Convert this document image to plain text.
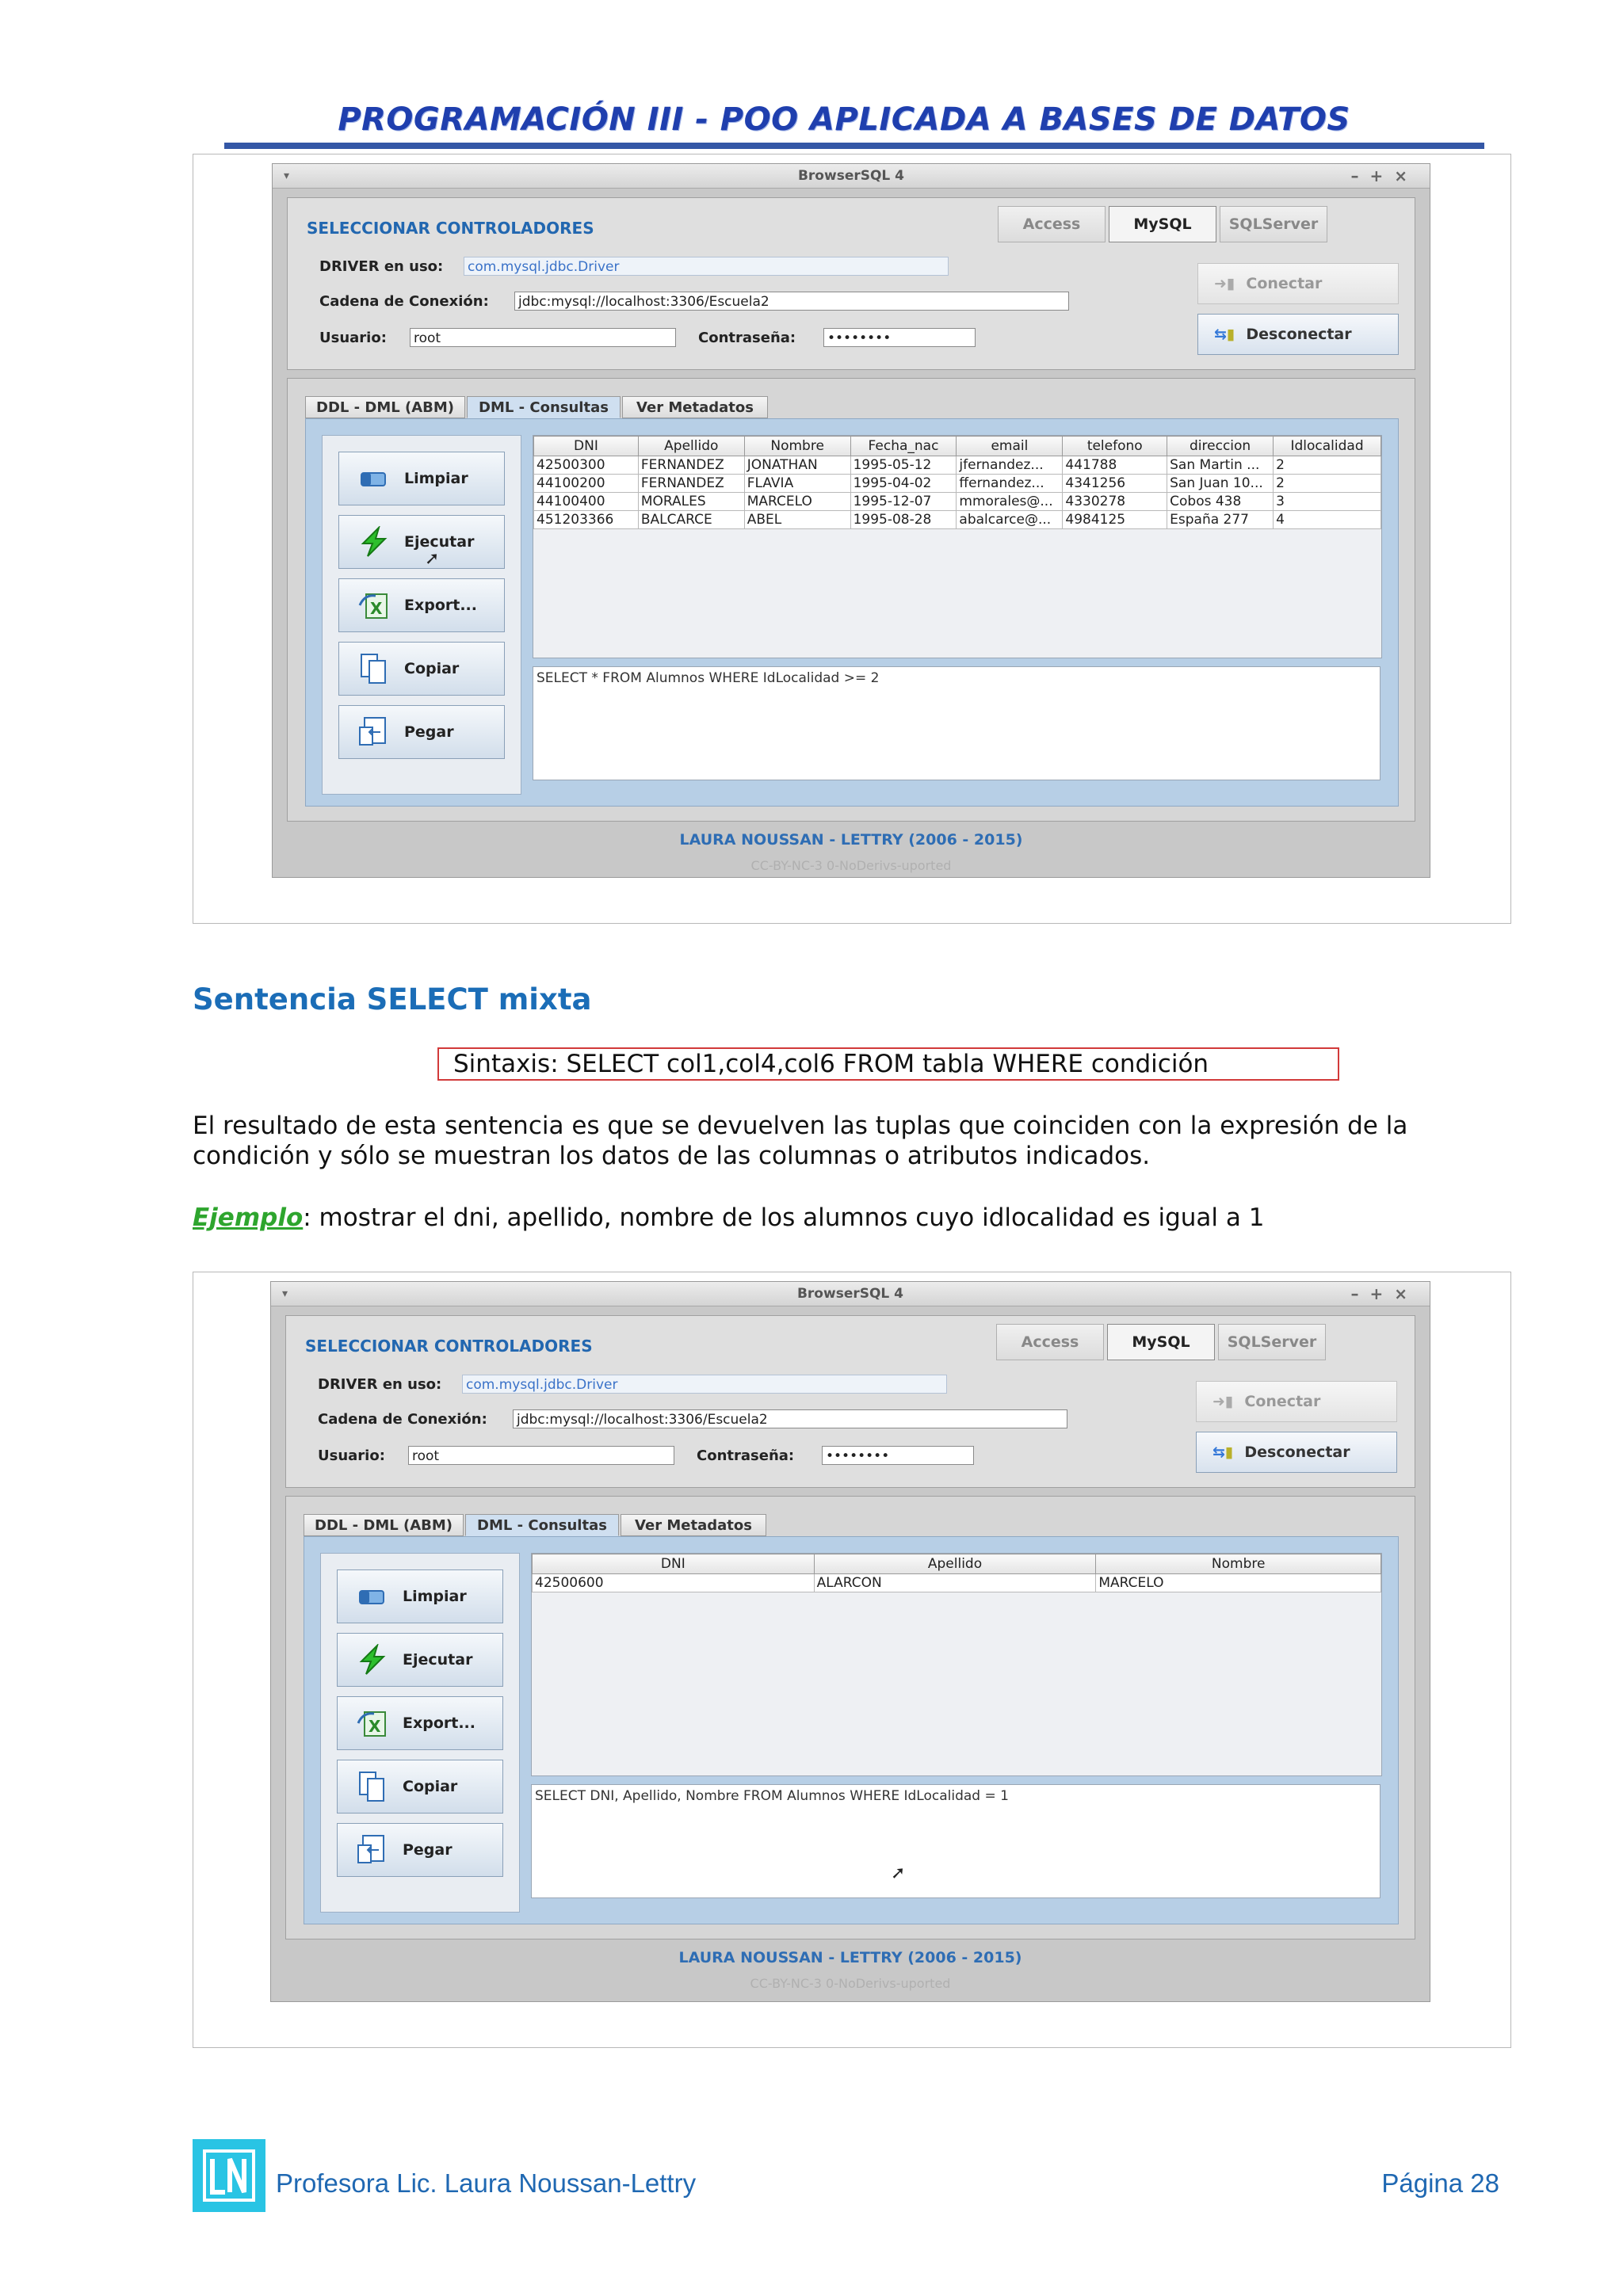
PROGRAMACIÓN III - POO APLICADA A BASES DE DATOS
▾	BrowserSQL 4	–+×
SELECCIONAR CONTROLADORES	Access	MySQL	SQLServer
DRIVER en uso: com.mysql.jdbc.Driver
Cadena de Conexión: jdbc:mysql://localhost:3306/Escuela2
Usuario: root	Contraseña: ••••••••
➜▮ Conectar
⇆▮ Desconectar
DDL - DML (ABM)	DML - Consultas	Ver Metadatos
Limpiar
Ejecutar
X Export...
Copiar
Pegar
DNI	Apellido	Nombre	Fecha_nac	email	telefono	direccion	Idlocalidad
42500300	FERNANDEZ	JONATHAN	1995-05-12	jfernandez...	441788	San Martin ...	2
44100200	FERNANDEZ	FLAVIA	1995-04-02	ffernandez...	4341256	San Juan 10...	2
44100400	MORALES	MARCELO	1995-12-07	mmorales@...	4330278	Cobos 438	3
451203366	BALCARCE	ABEL	1995-08-28	abalcarce@...	4984125	España 277	4
SELECT * FROM Alumnos WHERE IdLocalidad >= 2
➚
LAURA NOUSSAN - LETTRY (2006 - 2015)
CC-BY-NC-3 0-NoDerivs-uported
Sentencia SELECT mixta
Sintaxis: SELECT col1,col4,col6 FROM tabla WHERE condición
El resultado de esta sentencia es que se devuelven las tuplas que coinciden con la expresión de la
condición y sólo se muestran los datos de las columnas o atributos indicados.
Ejemplo: mostrar el dni, apellido, nombre de los alumnos cuyo idlocalidad es igual a 1
▾	BrowserSQL 4	–+×
SELECCIONAR CONTROLADORES	Access	MySQL	SQLServer
DRIVER en uso: com.mysql.jdbc.Driver
Cadena de Conexión: jdbc:mysql://localhost:3306/Escuela2
Usuario: root	Contraseña: ••••••••
➜▮ Conectar
⇆▮ Desconectar
DDL - DML (ABM)	DML - Consultas	Ver Metadatos
Limpiar
Ejecutar
X Export...
Copiar
Pegar
DNI	Apellido	Nombre
42500600	ALARCON	MARCELO
SELECT DNI, Apellido, Nombre FROM Alumnos WHERE IdLocalidad = 1
➚
LAURA NOUSSAN - LETTRY (2006 - 2015)
CC-BY-NC-3 0-NoDerivs-uported
Profesora Lic. Laura Noussan-Lettry	Página 28
